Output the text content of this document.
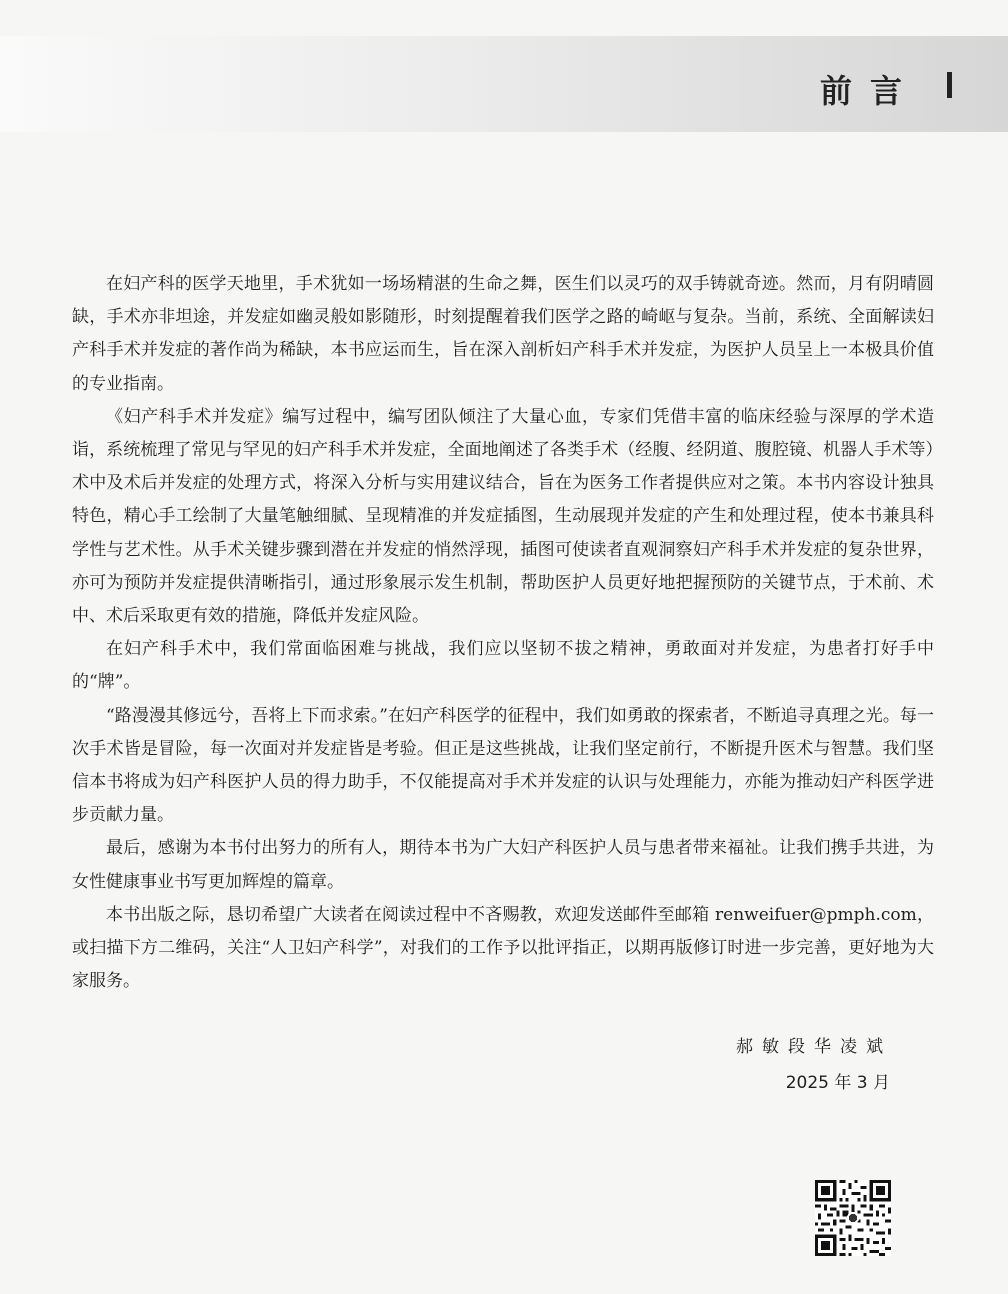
前言

在妇产科的医学天地里，手术犹如一场场精湛的生命之舞，医生们以灵巧的双手铸就奇迹。然而，月有阴晴圆缺，手术亦非坦途，并发症如幽灵般如影随形，时刻提醒着我们医学之路的崎岖与复杂。当前，系统、全面解读妇产科手术并发症的著作尚为稀缺，本书应运而生，旨在深入剖析妇产科手术并发症，为医护人员呈上一本极具价值的专业指南。

《妇产科手术并发症》编写过程中，编写团队倾注了大量心血，专家们凭借丰富的临床经验与深厚的学术造诣，系统梳理了常见与罕见的妇产科手术并发症，全面地阐述了各类手术（经腹、经阴道、腹腔镜、机器人手术等）术中及术后并发症的处理方式，将深入分析与实用建议结合，旨在为医务工作者提供应对之策。本书内容设计独具特色，精心手工绘制了大量笔触细腻、呈现精准的并发症插图，生动展现并发症的产生和处理过程，使本书兼具科学性与艺术性。从手术关键步骤到潜在并发症的悄然浮现，插图可使读者直观洞察妇产科手术并发症的复杂世界，亦可为预防并发症提供清晰指引，通过形象展示发生机制，帮助医护人员更好地把握预防的关键节点，于术前、术中、术后采取更有效的措施，降低并发症风险。

在妇产科手术中，我们常面临困难与挑战，我们应以坚韧不拔之精神，勇敢面对并发症，为患者打好手中的“牌”。

“路漫漫其修远兮，吾将上下而求索。”在妇产科医学的征程中，我们如勇敢的探索者，不断追寻真理之光。每一次手术皆是冒险，每一次面对并发症皆是考验。但正是这些挑战，让我们坚定前行，不断提升医术与智慧。我们坚信本书将成为妇产科医护人员的得力助手，不仅能提高对手术并发症的认识与处理能力，亦能为推动妇产科医学进步贡献力量。

最后，感谢为本书付出努力的所有人，期待本书为广大妇产科医护人员与患者带来福祉。让我们携手共进，为女性健康事业书写更加辉煌的篇章。

本书出版之际，恳切希望广大读者在阅读过程中不吝赐教，欢迎发送邮件至邮箱 renweifuer@pmph.com，或扫描下方二维码，关注“人卫妇产科学”，对我们的工作予以批评指正，以期再版修订时进一步完善，更好地为大家服务。

郝敏段华凌斌
2025 年 3 月
